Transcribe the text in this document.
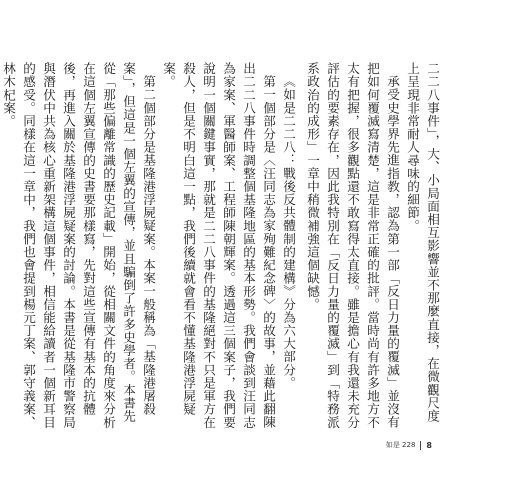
二二八事件」，大、小局面相互影響並不那麼直接，在微觀尺度上呈現非常耐人尋味的細節。

承受史學界先進指教，認為第一部「反日力量的覆滅」並沒有把如何覆滅寫清楚，這是非常正確的批評。當時尚有許多地方不太有把握，很多觀點還不敢寫得太直接。雖是擔心有我還未充分評估的要素存在，因此我特別在「反日力量的覆滅」到「特務派系政治的成形」一章中稍微補強這個缺憾。

《如是二二八：戰後反共體制的建構》分為六大部分。

第一個部分是〈汪同志為家殉難紀念碑〉的故事，並藉此翻陳出二二八事件時調整個基隆地區的基本形勢。我們會談到汪同志為家案、軍醫師案、工程師陳朝輝案。透過這三個案子，我們要說明一個關鍵事實，那就是二二八事件的基隆絕對不只是軍方在殺人，但是不明白這一點，我們後續就會看不懂基隆港浮屍疑案。

第二個部分是基隆港浮屍疑案。本案一般稱為「基隆港屠殺案」，但這是一個左翼的宣傳，並且騙倒了許多史學者。本書先從「那些偏離常識的歷史記載」開始，從相關文件的角度來分析在這個左翼宣傳的史書要那樣寫，先對這些宣傳有基本的抗體後，再進入關於基隆港浮屍疑案的討論。本書是從基隆市警察局與潛伏中共為核心重新架構這個事件，相信能給讀者一個新耳目的感受。同樣在這一章中，我們也會提到楊元丁案、郭守義案、林木杞案。

如是 228 8
